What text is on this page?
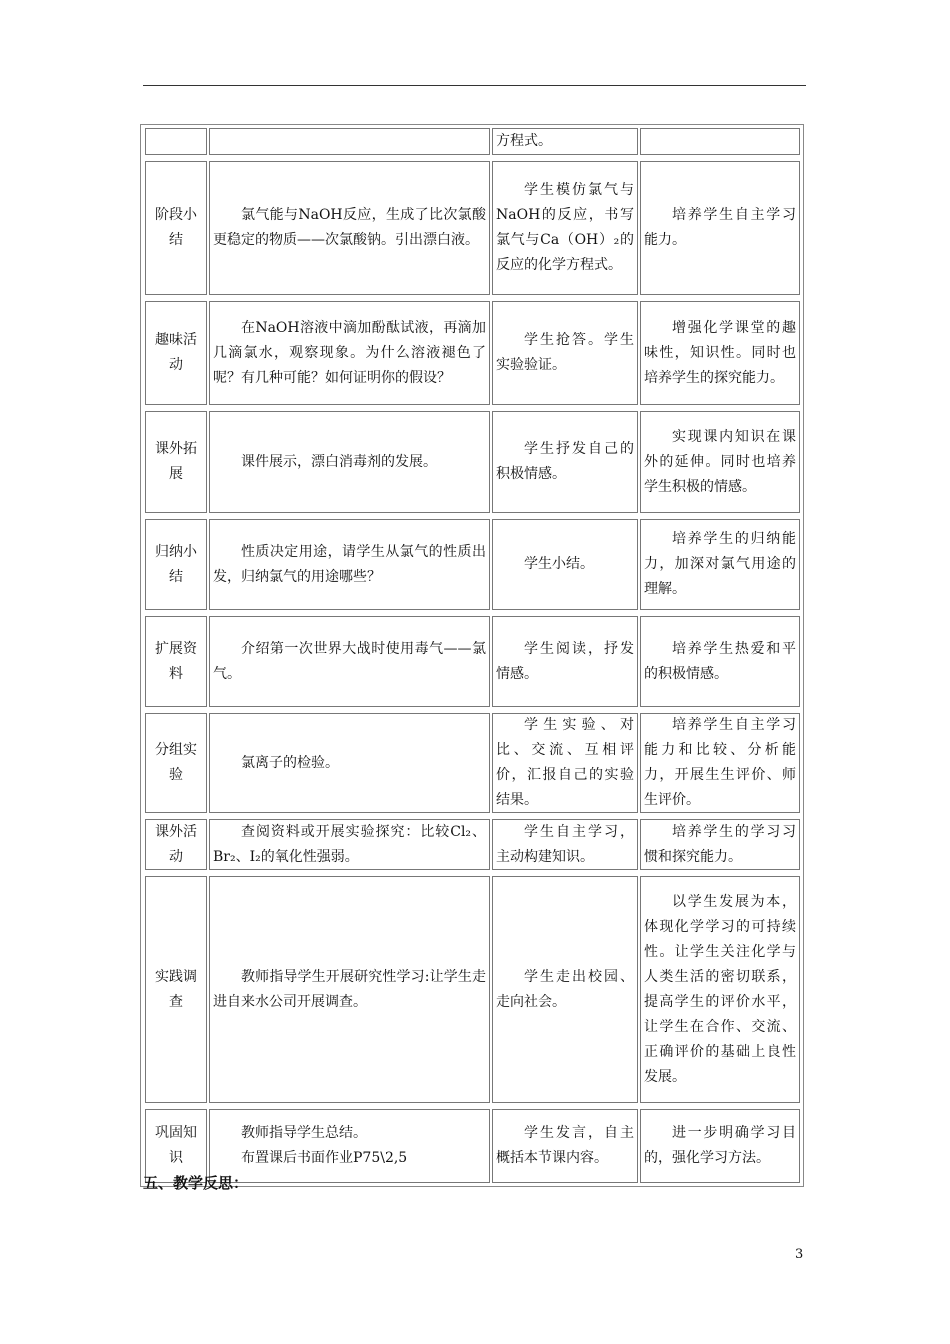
方程式。
阶段小结
氯气能与NaOH反应，生成了比次氯酸更稳定的物质——次氯酸钠。引出漂白液。
学生模仿氯气与NaOH的反应，书写氯气与Ca（OH）₂的反应的化学方程式。
培养学生自主学习能力。
趣味活动
在NaOH溶液中滴加酚酞试液，再滴加几滴氯水，观察现象。为什么溶液褪色了呢？有几种可能？如何证明你的假设？
学生抢答。学生实验验证。
增强化学课堂的趣味性，知识性。同时也培养学生的探究能力。
课外拓展
课件展示，漂白消毒剂的发展。
学生抒发自己的积极情感。
实现课内知识在课外的延伸。同时也培养学生积极的情感。
归纳小结
性质决定用途，请学生从氯气的性质出发，归纳氯气的用途哪些？
学生小结。
培养学生的归纳能力，加深对氯气用途的理解。
扩展资料
介绍第一次世界大战时使用毒气——氯气。
学生阅读，抒发情感。
培养学生热爱和平的积极情感。
分组实验
氯离子的检验。
学生实验、对比、交流、互相评价，汇报自己的实验结果。
培养学生自主学习能力和比较、分析能力，开展生生评价、师生评价。
课外活动
查阅资料或开展实验探究：比较Cl₂、Br₂、I₂的氧化性强弱。
学生自主学习，主动构建知识。
培养学生的学习习惯和探究能力。
实践调查
教师指导学生开展研究性学习:让学生走进自来水公司开展调查。
学生走出校园、走向社会。
以学生发展为本，体现化学学习的可持续性。让学生关注化学与人类生活的密切联系，提高学生的评价水平，让学生在合作、交流、正确评价的基础上良性发展。
巩固知识
教师指导学生总结。
布置课后书面作业P75\2,5
学生发言，自主概括本节课内容。
进一步明确学习目的，强化学习方法。
五、教学反思：
3
